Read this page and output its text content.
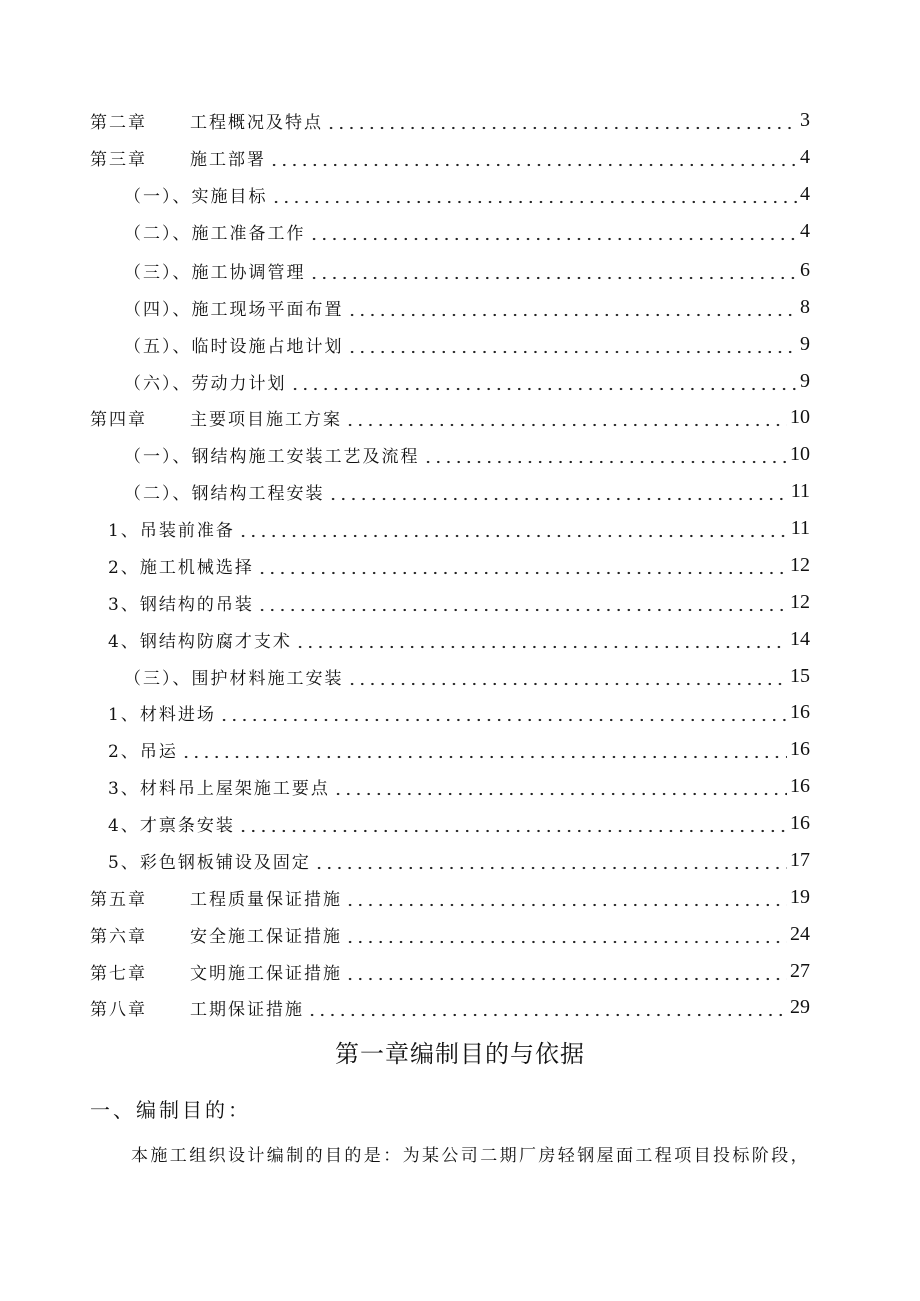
第二章	工程概况及特点	3
第三章	施工部署	4
（一）、实施目标	4
（二）、施工准备工作	4
（三）、施工协调管理	6
（四）、施工现场平面布置	8
（五）、临时设施占地计划	9
（六）、劳动力计划	9
第四章	主要项目施工方案	10
（一）、钢结构施工安装工艺及流程	10
（二）、钢结构工程安装	11
1、吊装前准备	11
2、施工机械选择	12
3、钢结构的吊装	12
4、钢结构防腐才支术	14
（三）、围护材料施工安装	15
1、材料进场	16
2、吊运	16
3、材料吊上屋架施工要点	16
4、才禀条安装	16
5、彩色钢板铺设及固定	17
第五章	工程质量保证措施	19
第六章	安全施工保证措施	24
第七章	文明施工保证措施	27
第八章	工期保证措施	29
第一章编制目的与依据
一、编制目的：
本施工组织设计编制的目的是：为某公司二期厂房轻钢屋面工程项目投标阶段，
